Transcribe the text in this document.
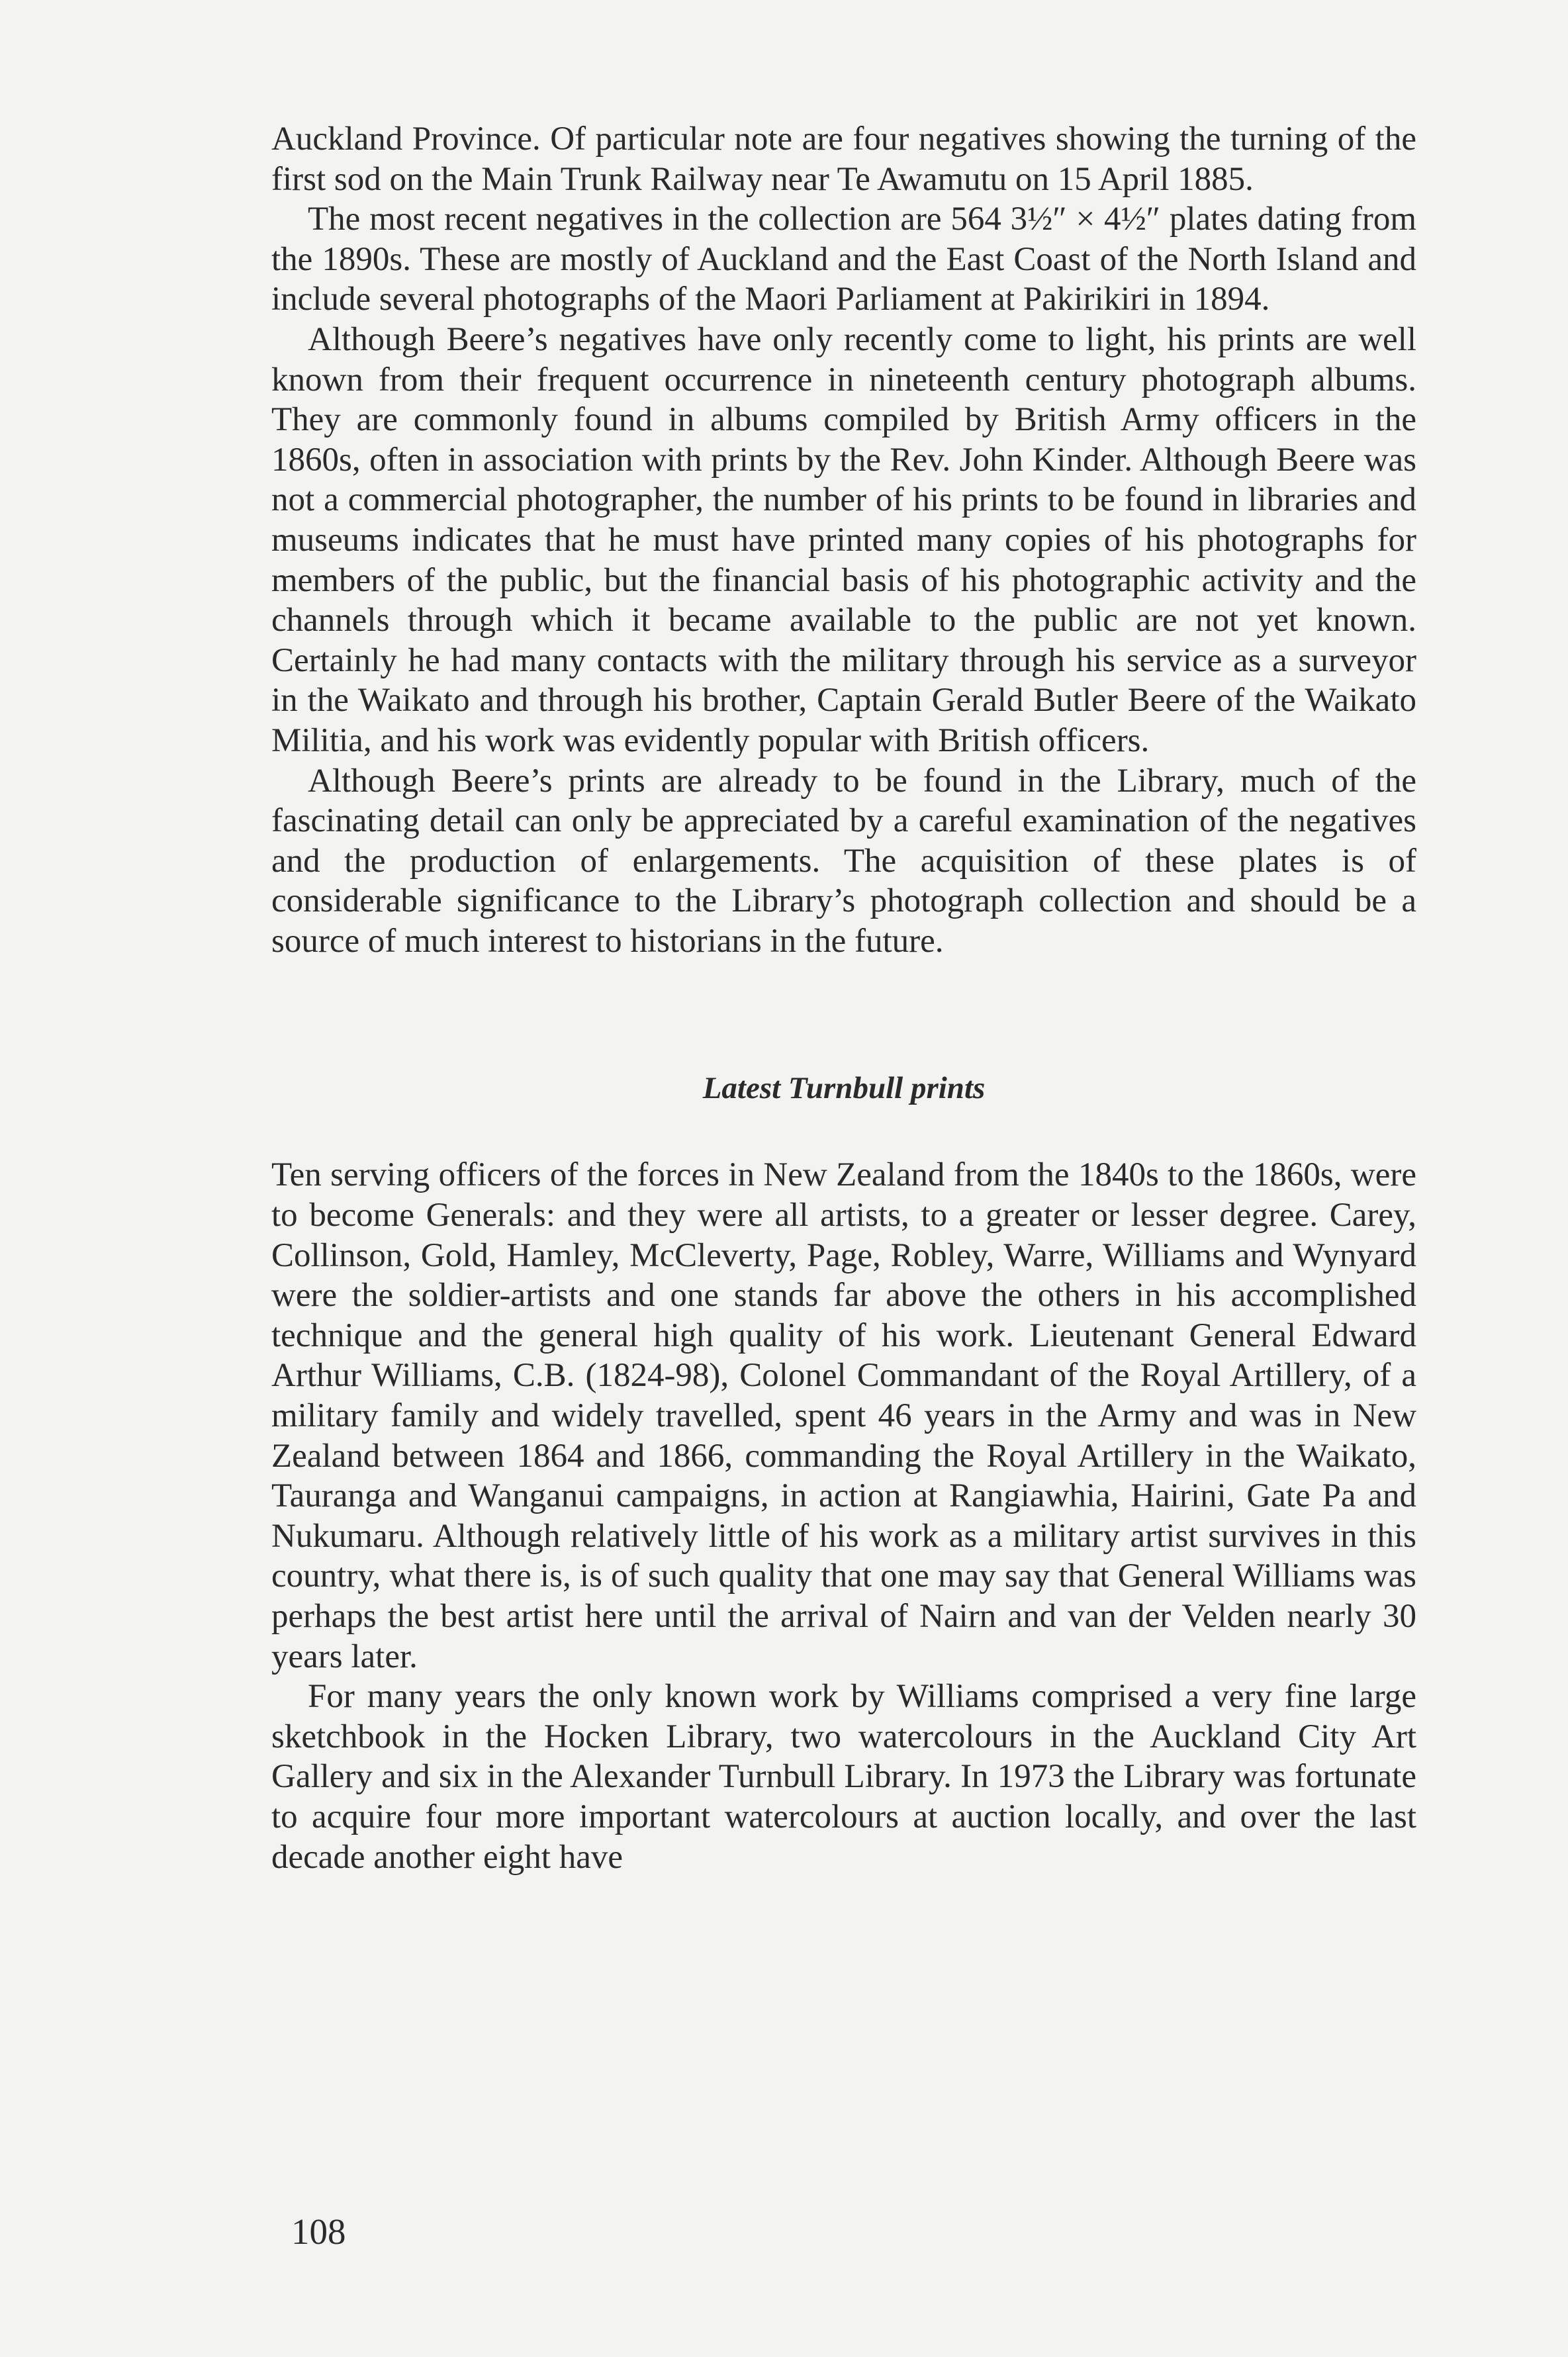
Auckland Province. Of particular note are four negatives showing the turning of the first sod on the Main Trunk Railway near Te Awamutu on 15 April 1885.

The most recent negatives in the collection are 564 3½″ × 4½″ plates dating from the 1890s. These are mostly of Auckland and the East Coast of the North Island and include several photographs of the Maori Parliament at Pakirikiri in 1894.

Although Beere’s negatives have only recently come to light, his prints are well known from their frequent occurrence in nineteenth century photograph albums. They are commonly found in albums compiled by British Army officers in the 1860s, often in association with prints by the Rev. John Kinder. Although Beere was not a commercial photographer, the number of his prints to be found in libraries and museums indicates that he must have printed many copies of his photographs for members of the public, but the financial basis of his photographic activity and the channels through which it became available to the public are not yet known. Certainly he had many contacts with the military through his service as a surveyor in the Waikato and through his brother, Captain Gerald Butler Beere of the Waikato Militia, and his work was evidently popular with British officers.

Although Beere’s prints are already to be found in the Library, much of the fascinating detail can only be appreciated by a careful examination of the negatives and the production of enlargements. The acquisition of these plates is of considerable significance to the Library’s photograph collection and should be a source of much interest to historians in the future.

Latest Turnbull prints

Ten serving officers of the forces in New Zealand from the 1840s to the 1860s, were to become Generals: and they were all artists, to a greater or lesser degree. Carey, Collinson, Gold, Hamley, McCleverty, Page, Robley, Warre, Williams and Wynyard were the soldier-artists and one stands far above the others in his accomplished technique and the general high quality of his work. Lieutenant General Edward Arthur Williams, C.B. (1824-98), Colonel Commandant of the Royal Artillery, of a military family and widely travelled, spent 46 years in the Army and was in New Zealand between 1864 and 1866, commanding the Royal Artillery in the Waikato, Tauranga and Wanganui campaigns, in action at Rangiawhia, Hairini, Gate Pa and Nukumaru. Although relatively little of his work as a military artist survives in this country, what there is, is of such quality that one may say that General Williams was perhaps the best artist here until the arrival of Nairn and van der Velden nearly 30 years later.

For many years the only known work by Williams comprised a very fine large sketchbook in the Hocken Library, two watercolours in the Auckland City Art Gallery and six in the Alexander Turnbull Library. In 1973 the Library was fortunate to acquire four more important watercolours at auction locally, and over the last decade another eight have

108
